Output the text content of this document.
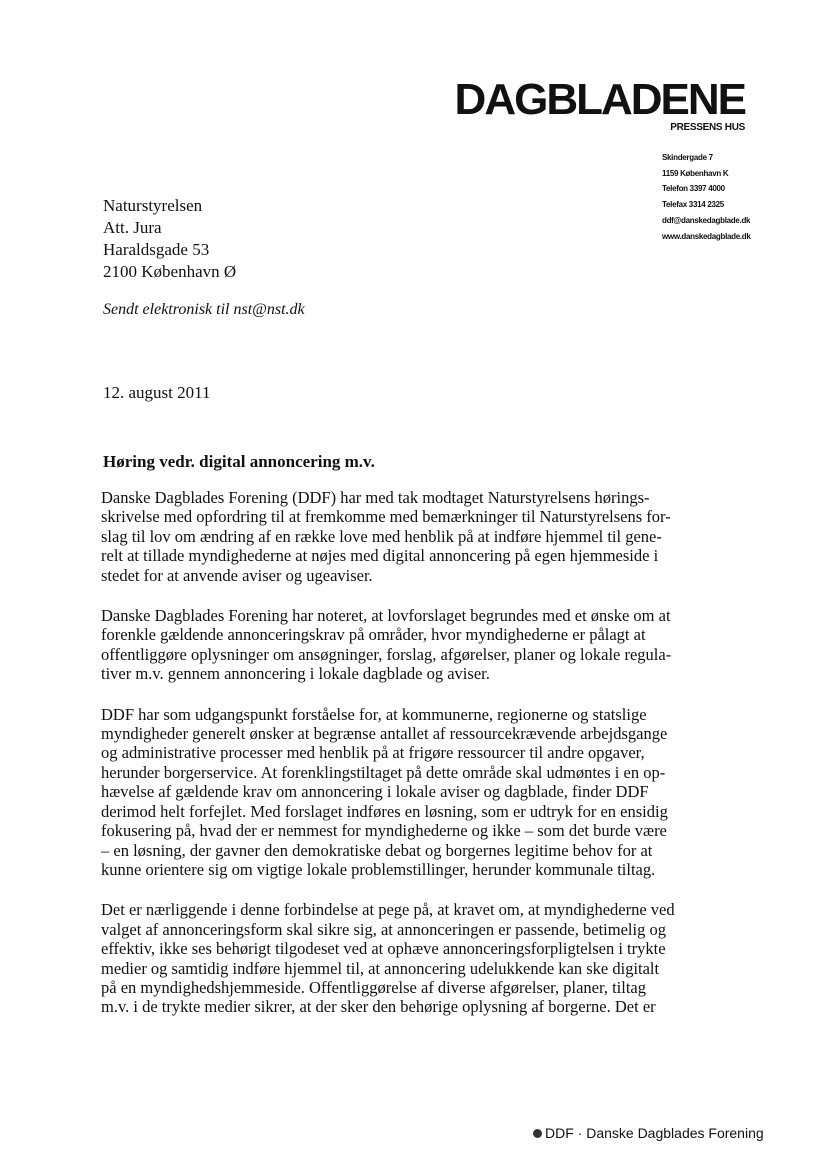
DAGBLADENE
PRESSENS HUS
Skindergade 7
1159 København K
Telefon 3397 4000
Telefax 3314 2325
ddf@danskedagblade.dk
www.danskedagblade.dk
Naturstyrelsen
Att. Jura
Haraldsgade 53
2100 København Ø
Sendt elektronisk til nst@nst.dk
12. august 2011
Høring vedr. digital annoncering m.v.

Danske Dagblades Forening (DDF) har med tak modtaget Naturstyrelsens hørings-
skrivelse med opfordring til at fremkomme med bemærkninger til Naturstyrelsens for-
slag til lov om ændring af en række love med henblik på at indføre hjemmel til gene-
relt at tillade myndighederne at nøjes med digital annoncering på egen hjemmeside i
stedet for at anvende aviser og ugeaviser.

Danske Dagblades Forening har noteret, at lovforslaget begrundes med et ønske om at
forenkle gældende annonceringskrav på områder, hvor myndighederne er pålagt at
offentliggøre oplysninger om ansøgninger, forslag, afgørelser, planer og lokale regula-
tiver m.v. gennem annoncering i lokale dagblade og aviser.

DDF har som udgangspunkt forståelse for, at kommunerne, regionerne og statslige
myndigheder generelt ønsker at begrænse antallet af ressourcekrævende arbejdsgange
og administrative processer med henblik på at frigøre ressourcer til andre opgaver,
herunder borgerservice. At forenklingstiltaget på dette område skal udmøntes i en op-
hævelse af gældende krav om annoncering i lokale aviser og dagblade, finder DDF
derimod helt forfejlet. Med forslaget indføres en løsning, som er udtryk for en ensidig
fokusering på, hvad der er nemmest for myndighederne og ikke – som det burde være
– en løsning, der gavner den demokratiske debat og borgernes legitime behov for at
kunne orientere sig om vigtige lokale problemstillinger, herunder kommunale tiltag.

Det er nærliggende i denne forbindelse at pege på, at kravet om, at myndighederne ved
valget af annonceringsform skal sikre sig, at annonceringen er passende, betimelig og
effektiv, ikke ses behørigt tilgodeset ved at ophæve annonceringsforpligtelsen i trykte
medier og samtidig indføre hjemmel til, at annoncering udelukkende kan ske digitalt
på en myndighedshjemmeside. Offentliggørelse af diverse afgørelser, planer, tiltag
m.v. i de trykte medier sikrer, at der sker den behørige oplysning af borgerne. Det er

DDF · Danske Dagblades Forening
